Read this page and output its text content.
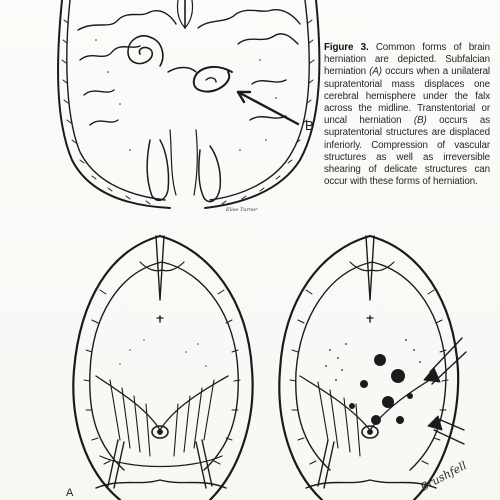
Elise Turner
Figure 3. Common forms of brain herniation are depicted. Subfalcian herniation (A) occurs when a unilateral supratentorial mass displaces one cerebral hemisphere under the falx across the midline. Transtentorial or uncal herniation (B) occurs as supratentorial structures are displaced inferiorly. Compression of vascular structures as well as irreversible shearing of delicate structures can occur with these forms of herniation.
B
A	Brushfell
